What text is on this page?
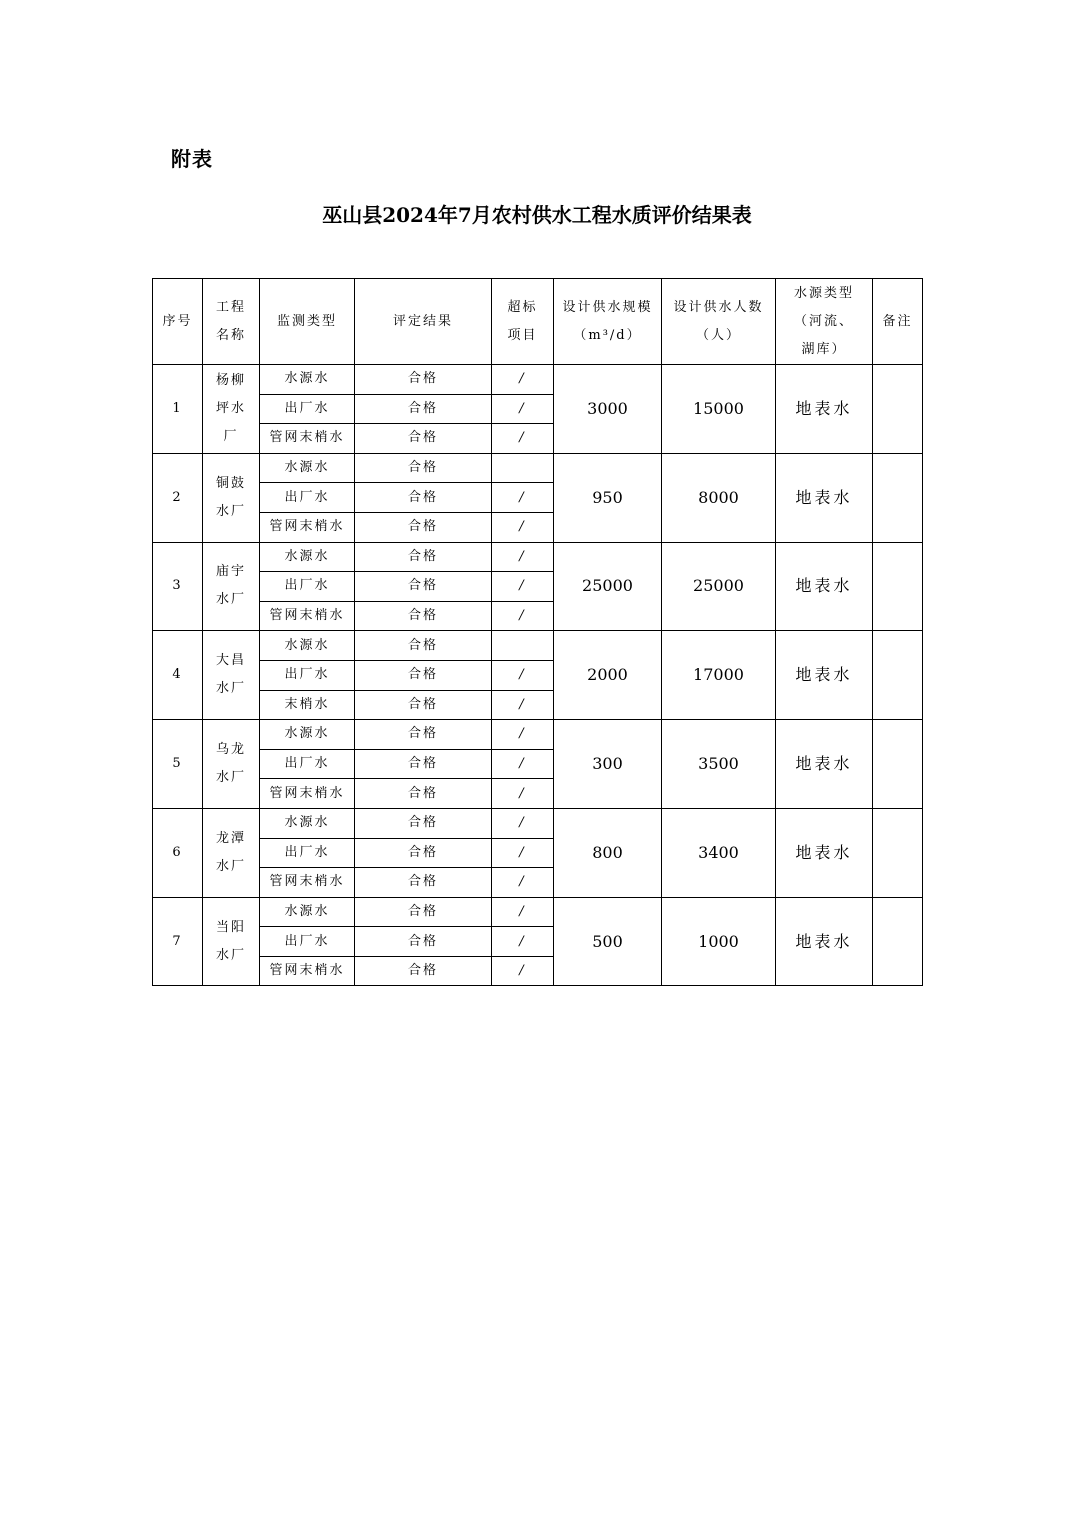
附表
巫山县2024年7月农村供水工程水质评价结果表
序号	工程名称	监测类型	评定结果	超标项目	设计供水规模（m³/d）	设计供水人数（人）	水源类型（河流、湖库）	备注
1	杨柳坪水厂	水源水	合格	/	3000	15000	地表水	
		出厂水	合格	/				
		管网末梢水	合格	/				
2	铜鼓水厂	水源水	合格		950	8000	地表水	
		出厂水	合格	/				
		管网末梢水	合格	/				
3	庙宇水厂	水源水	合格	/	25000	25000	地表水	
		出厂水	合格	/				
		管网末梢水	合格	/				
4	大昌水厂	水源水	合格		2000	17000	地表水	
		出厂水	合格	/				
		末梢水	合格	/				
5	乌龙水厂	水源水	合格	/	300	3500	地表水	
		出厂水	合格	/				
		管网末梢水	合格	/				
6	龙潭水厂	水源水	合格	/	800	3400	地表水	
		出厂水	合格	/				
		管网末梢水	合格	/				
7	当阳水厂	水源水	合格	/	500	1000	地表水	
		出厂水	合格	/				
		管网末梢水	合格	/				
